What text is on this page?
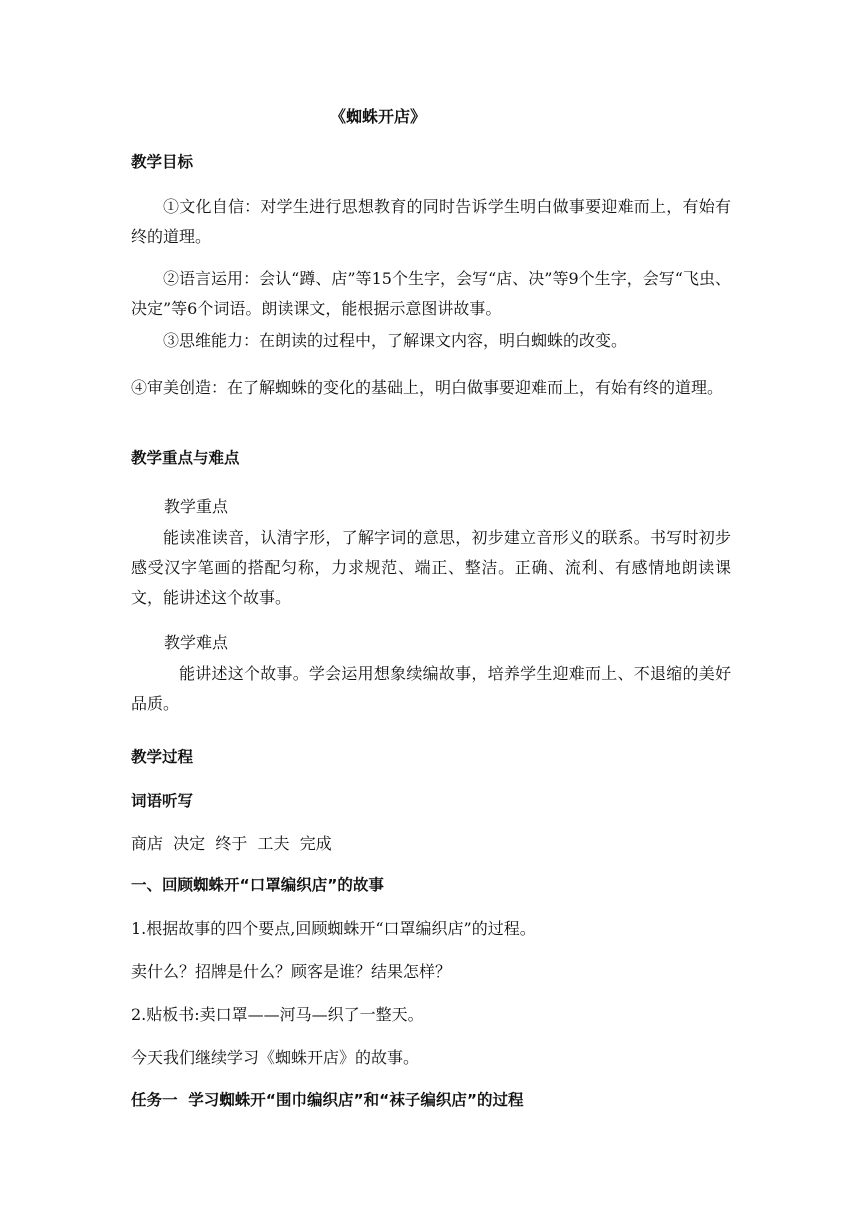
《蜘蛛开店》
教学目标
①文化自信：对学生进行思想教育的同时告诉学生明白做事要迎难而上，有始有终的道理。
②语言运用：会认“蹲、店”等15个生字，会写“店、决”等9个生字，会写“飞虫、决定”等6个词语。朗读课文，能根据示意图讲故事。
③思维能力：在朗读的过程中，了解课文内容，明白蜘蛛的改变。
④审美创造：在了解蜘蛛的变化的基础上，明白做事要迎难而上，有始有终的道理。
教学重点与难点
教学重点
能读准读音，认清字形，了解字词的意思，初步建立音形义的联系。书写时初步感受汉字笔画的搭配匀称，力求规范、端正、整洁。正确、流利、有感情地朗读课文，能讲述这个故事。
教学难点
能讲述这个故事。学会运用想象续编故事，培养学生迎难而上、不退缩的美好品质。
教学过程
词语听写
商店  决定  终于  工夫  完成
一、回顾蜘蛛开“口罩编织店”的故事
1.根据故事的四个要点,回顾蜘蛛开“口罩编织店”的过程。
卖什么？招牌是什么？顾客是谁？结果怎样？
2.贴板书:卖口罩——河马—织了一整天。
今天我们继续学习《蜘蛛开店》的故事。
任务一  学习蜘蛛开“围巾编织店”和“袜子编织店”的过程
